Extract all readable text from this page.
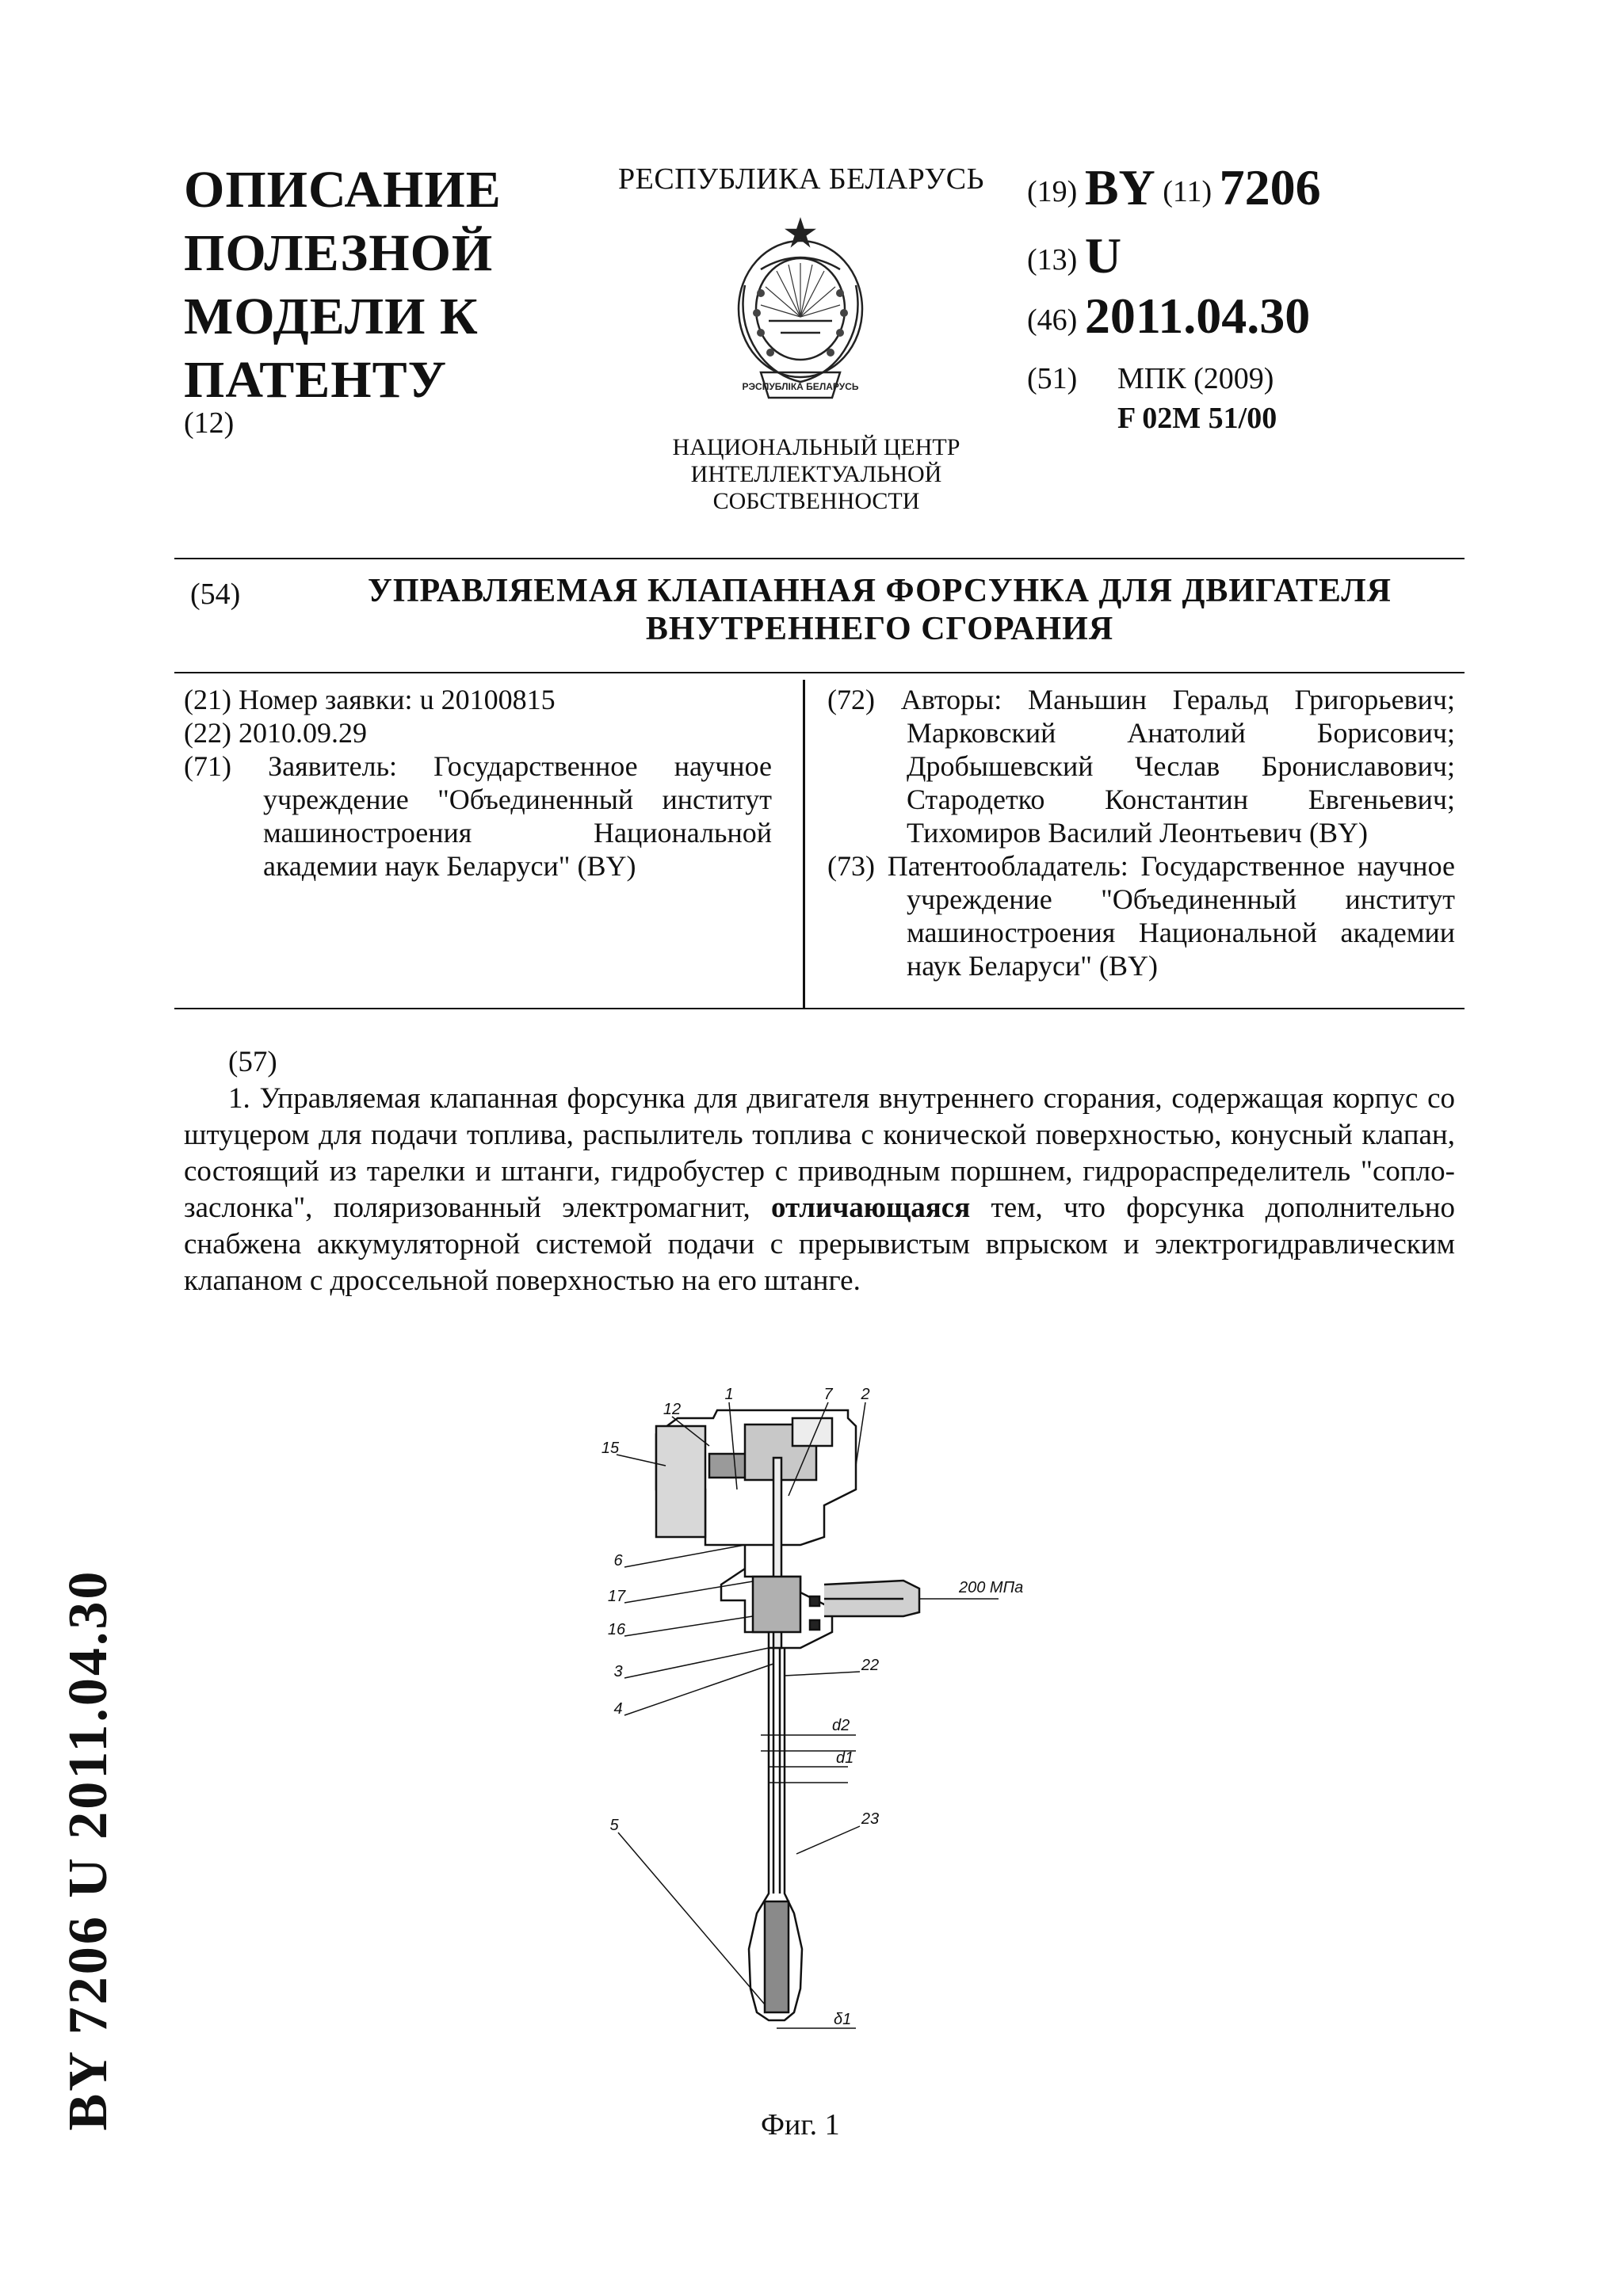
ОПИСАНИЕ
ПОЛЕЗНОЙ
МОДЕЛИ К
ПАТЕНТУ
(12)
РЕСПУБЛИКА БЕЛАРУСЬ
РЭСПУБЛІКА БЕЛАРУСЬ
НАЦИОНАЛЬНЫЙ ЦЕНТР
ИНТЕЛЛЕКТУАЛЬНОЙ
СОБСТВЕННОСТИ
(19) BY (11) 7206
(13) U
(46) 2011.04.30
(51) МПК (2009)
F 02M 51/00
(54)	УПРАВЛЯЕМАЯ КЛАПАННАЯ ФОРСУНКА ДЛЯ ДВИГАТЕЛЯ
ВНУТРЕННЕГО СГОРАНИЯ
(21) Номер заявки: u 20100815
(22) 2010.09.29
(71) Заявитель: Государственное научное учреждение "Объединенный институт машиностроения Национальной академии наук Беларуси" (BY)
(72) Авторы: Маньшин Геральд Григорьевич; Марковский Анатолий Борисович; Дробышевский Чеслав Брониславович; Стародетко Константин Евгеньевич; Тихомиров Василий Леонтьевич (BY)
(73) Патентообладатель: Государственное научное учреждение "Объединенный институт машиностроения Национальной академии наук Беларуси" (BY)
(57)

1. Управляемая клапанная форсунка для двигателя внутреннего сгорания, содержащая корпус со штуцером для подачи топлива, распылитель топлива с конической поверхностью, конусный клапан, состоящий из тарелки и штанги, гидробустер с приводным поршнем, гидрораспределитель "сопло-заслонка", поляризованный электромагнит, отличающаяся тем, что форсунка дополнительно снабжена аккумуляторной системой подачи с прерывистым впрыском и электрогидравлическим клапаном с дроссельной поверхностью на его штанге.

1	7 2
12
15
6
17
16
3
4
22
23
5
d2
d1
δ1
200 МПа
Фиг. 1
BY 7206 U 2011.04.30
